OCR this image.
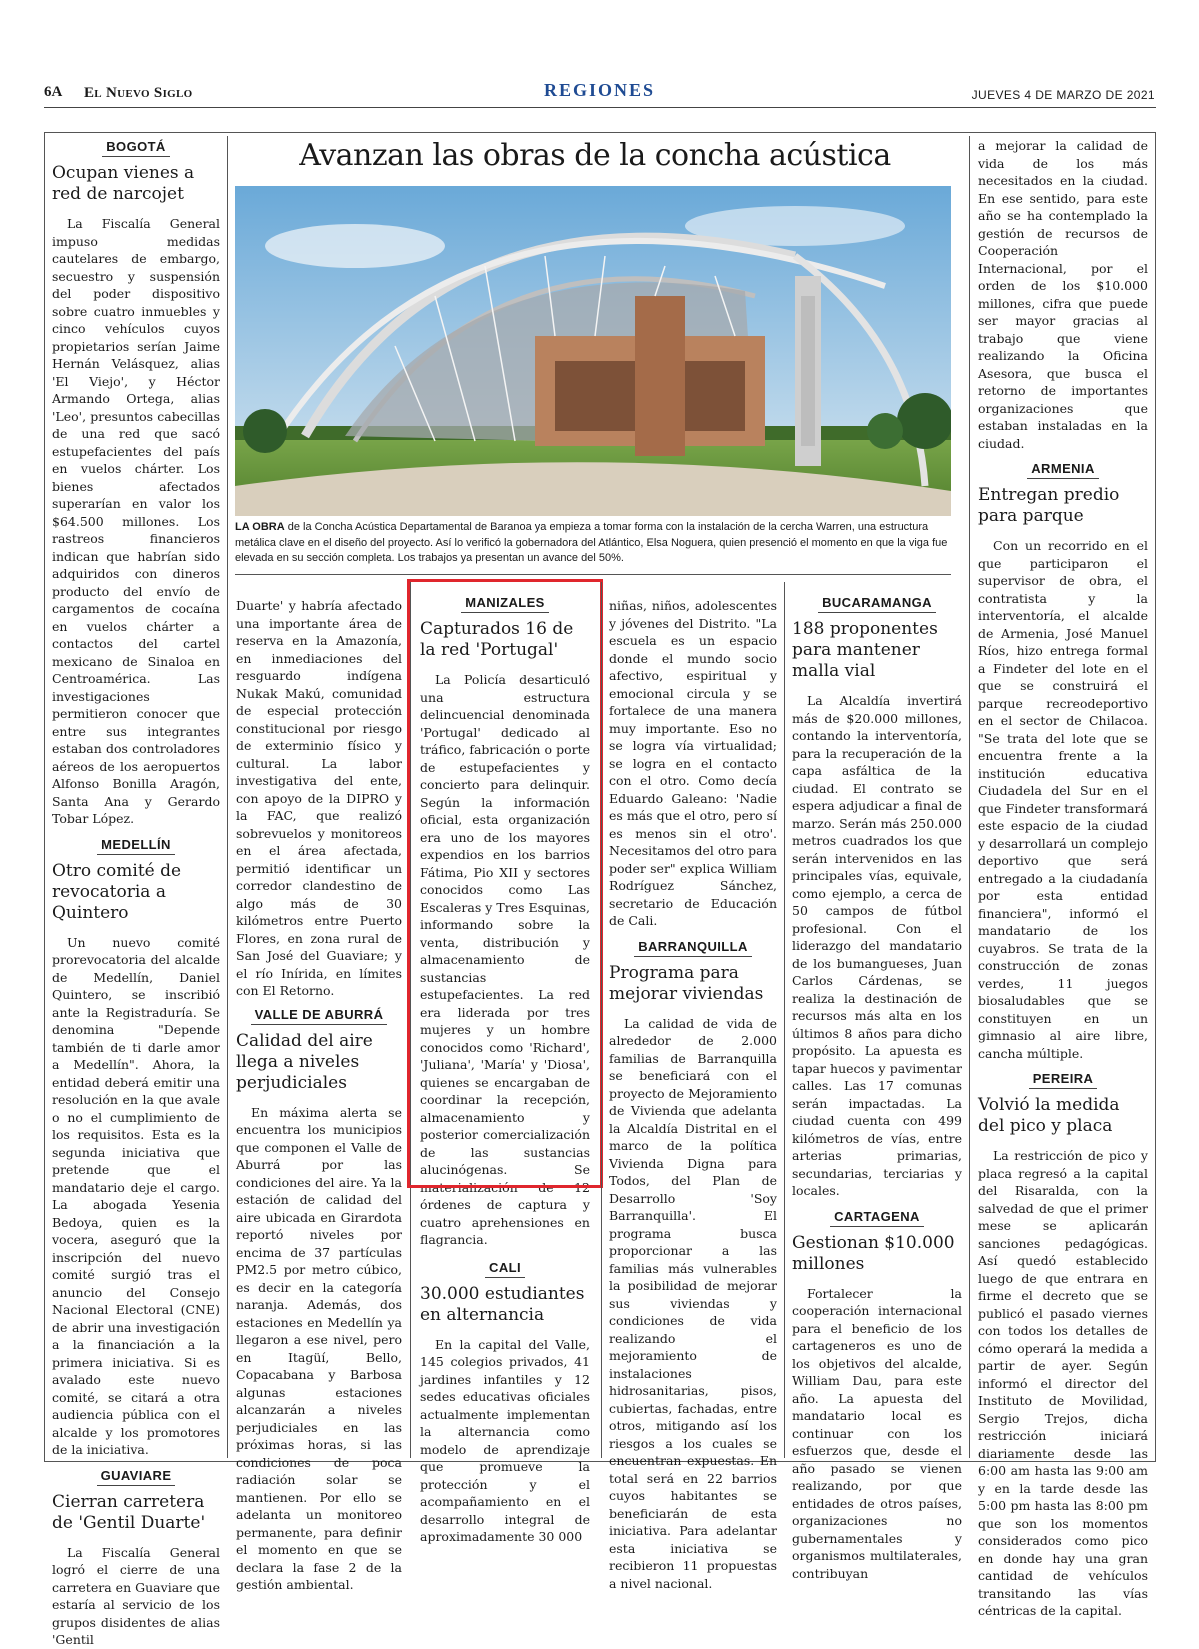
6A El Nuevo Siglo	REGIONES	JUEVES 4 DE MARZO DE 2021
BOGOTÁ
Ocupan vienes a red de narcojet

La Fiscalía General impuso medidas cautelares de embargo, secuestro y suspensión del poder dispositivo sobre cuatro inmuebles y cinco vehículos cuyos propietarios serían Jaime Hernán Velásquez, alias 'El Viejo', y Héctor Armando Ortega, alias 'Leo', presuntos cabecillas de una red que sacó estupefacientes del país en vuelos chárter. Los bienes afectados superarían en valor los $64.500 millones. Los rastreos financieros indican que habrían sido adquiridos con dineros producto del envío de cargamentos de cocaína en vuelos chárter a contactos del cartel mexicano de Sinaloa en Centroamérica. Las investigaciones permitieron conocer que entre sus integrantes estaban dos controladores aéreos de los aeropuertos Alfonso Bonilla Aragón, Santa Ana y Gerardo Tobar López.

MEDELLÍN
Otro comité de revocatoria a Quintero

Un nuevo comité prorevocatoria del alcalde de Medellín, Daniel Quintero, se inscribió ante la Registraduría. Se denomina "Depende también de ti darle amor a Medellín". Ahora, la entidad deberá emitir una resolución en la que avale o no el cumplimiento de los requisitos. Esta es la segunda iniciativa que pretende que el mandatario deje el cargo. La abogada Yesenia Bedoya, quien es la vocera, aseguró que la inscripción del nuevo comité surgió tras el anuncio del Consejo Nacional Electoral (CNE) de abrir una investigación a la financiación a la primera iniciativa. Si es avalado este nuevo comité, se citará a otra audiencia pública con el alcalde y los promotores de la iniciativa.

GUAVIARE
Cierran carretera de 'Gentil Duarte'

La Fiscalía General logró el cierre de una carretera en Guaviare que estaría al servicio de los grupos disidentes de alias 'Gentil

Avanzan las obras de la concha acústica
LA OBRA de la Concha Acústica Departamental de Baranoa ya empieza a tomar forma con la instalación de la cercha Warren, una estructura metálica clave en el diseño del proyecto. Así lo verificó la gobernadora del Atlántico, Elsa Noguera, quien presenció el momento en que la viga fue elevada en su sección completa. Los trabajos ya presentan un avance del 50%.

Duarte' y habría afectado una importante área de reserva en la Amazonía, en inmediaciones del resguardo indígena Nukak Makú, comunidad de especial protección constitucional por riesgo de exterminio físico y cultural. La labor investigativa del ente, con apoyo de la DIPRO y la FAC, que realizó sobrevuelos y monitoreos en el área afectada, permitió identificar un corredor clandestino de algo más de 30 kilómetros entre Puerto Flores, en zona rural de San José del Guaviare; y el río Inírida, en límites con El Retorno.

VALLE DE ABURRÁ
Calidad del aire llega a niveles perjudiciales

En máxima alerta se encuentra los municipios que componen el Valle de Aburrá por las condiciones del aire. Ya la estación de calidad del aire ubicada en Girardota reportó niveles por encima de 37 partículas PM2.5 por metro cúbico, es decir en la categoría naranja. Además, dos estaciones en Medellín ya llegaron a ese nivel, pero en Itagüí, Bello, Copacabana y Barbosa algunas estaciones alcanzarán a niveles perjudiciales en las próximas horas, si las condiciones de poca radiación solar se mantienen. Por ello se adelanta un monitoreo permanente, para definir el momento en que se declara la fase 2 de la gestión ambiental.

MANIZALES
Capturados 16 de la red 'Portugal'

La Policía desarticuló una estructura delincuencial denominada 'Portugal' dedicado al tráfico, fabricación o porte de estupefacientes y concierto para delinquir. Según la información oficial, esta organización era uno de los mayores expendios en los barrios Fátima, Pio XII y sectores conocidos como Las Escaleras y Tres Esquinas, informando sobre la venta, distribución y almacenamiento de sustancias estupefacientes. La red era liderada por tres mujeres y un hombre conocidos como 'Richard', 'Juliana', 'María' y 'Diosa', quienes se encargaban de coordinar la recepción, almacenamiento y posterior comercialización de las sustancias alucinógenas. Se materialización de 12 órdenes de captura y cuatro aprehensiones en flagrancia.

CALI
30.000 estudiantes en alternancia

En la capital del Valle, 145 colegios privados, 41 jardines infantiles y 12 sedes educativas oficiales actualmente implementan la alternancia como modelo de aprendizaje que promueve la protección y el acompañamiento en el desarrollo integral de aproximadamente 30 000

niñas, niños, adolescentes y jóvenes del Distrito. "La escuela es un espacio donde el mundo socio afectivo, espiritual y emocional circula y se fortalece de una manera muy importante. Eso no se logra vía virtualidad; se logra en el contacto con el otro. Como decía Eduardo Galeano: 'Nadie es más que el otro, pero sí es menos sin el otro'. Necesitamos del otro para poder ser" explica William Rodríguez Sánchez, secretario de Educación de Cali.

BARRANQUILLA
Programa para mejorar viviendas

La calidad de vida de alrededor de 2.000 familias de Barranquilla se beneficiará con el proyecto de Mejoramiento de Vivienda que adelanta la Alcaldía Distrital en el marco de la política Vivienda Digna para Todos, del Plan de Desarrollo 'Soy Barranquilla'. El programa busca proporcionar a las familias más vulnerables la posibilidad de mejorar sus viviendas y condiciones de vida realizando el mejoramiento de instalaciones hidrosanitarias, pisos, cubiertas, fachadas, entre otros, mitigando así los riesgos a los cuales se encuentran expuestas. En total será en 22 barrios cuyos habitantes se beneficiarán de esta iniciativa. Para adelantar esta iniciativa se recibieron 11 propuestas a nivel nacional.

BUCARAMANGA
188 proponentes para mantener malla vial

La Alcaldía invertirá más de $20.000 millones, contando la interventoría, para la recuperación de la capa asfáltica de la ciudad. El contrato se espera adjudicar a final de marzo. Serán más 250.000 metros cuadrados los que serán intervenidos en las principales vías, equivale, como ejemplo, a cerca de 50 campos de fútbol profesional. Con el liderazgo del mandatario de los bumangueses, Juan Carlos Cárdenas, se realiza la destinación de recursos más alta en los últimos 8 años para dicho propósito. La apuesta es tapar huecos y pavimentar calles. Las 17 comunas serán impactadas. La ciudad cuenta con 499 kilómetros de vías, entre arterias primarias, secundarias, terciarias y locales.

CARTAGENA
Gestionan $10.000 millones

Fortalecer la cooperación internacional para el beneficio de los cartageneros es uno de los objetivos del alcalde, William Dau, para este año. La apuesta del mandatario local es continuar con los esfuerzos que, desde el año pasado se vienen realizando, por que entidades de otros países, organizaciones no gubernamentales y organismos multilaterales, contribuyan

a mejorar la calidad de vida de los más necesitados en la ciudad. En ese sentido, para este año se ha contemplado la gestión de recursos de Cooperación Internacional, por el orden de los $10.000 millones, cifra que puede ser mayor gracias al trabajo que viene realizando la Oficina Asesora, que busca el retorno de importantes organizaciones que estaban instaladas en la ciudad.

ARMENIA
Entregan predio para parque

Con un recorrido en el que participaron el supervisor de obra, el contratista y la interventoría, el alcalde de Armenia, José Manuel Ríos, hizo entrega formal a Findeter del lote en el que se construirá el parque recreodeportivo en el sector de Chilacoa. "Se trata del lote que se encuentra frente a la institución educativa Ciudadela del Sur en el que Findeter transformará este espacio de la ciudad y desarrollará un complejo deportivo que será entregado a la ciudadanía por esta entidad financiera", informó el mandatario de los cuyabros. Se trata de la construcción de zonas verdes, 11 juegos biosaludables que se constituyen en un gimnasio al aire libre, cancha múltiple.

PEREIRA
Volvió la medida del pico y placa

La restricción de pico y placa regresó a la capital del Risaralda, con la salvedad de que el primer mese se aplicarán sanciones pedagógicas. Así quedó establecido luego de que entrara en firme el decreto que se publicó el pasado viernes con todos los detalles de cómo operará la medida a partir de ayer. Según informó el director del Instituto de Movilidad, Sergio Trejos, dicha restricción iniciará diariamente desde las 6:00 am hasta las 9:00 am y en la tarde desde las 5:00 pm hasta las 8:00 pm que son los momentos considerados como pico en donde hay una gran cantidad de vehículos transitando las vías céntricas de la capital.
